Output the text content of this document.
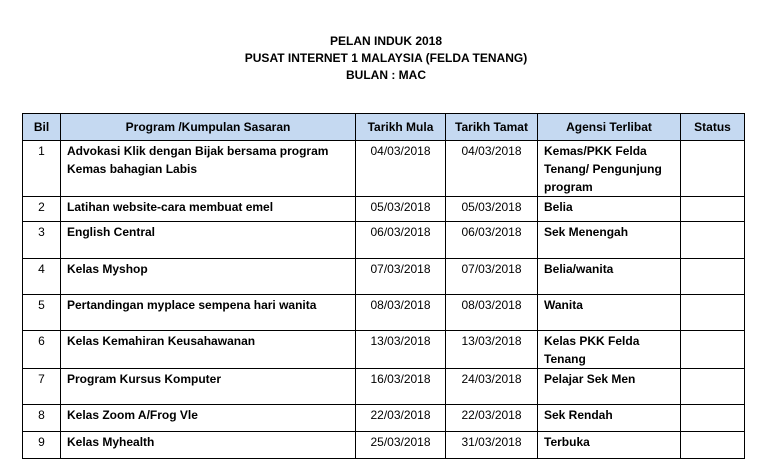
PELAN INDUK 2018
PUSAT INTERNET 1 MALAYSIA (FELDA TENANG)
BULAN : MAC
Bil	Program /Kumpulan Sasaran	Tarikh Mula	Tarikh Tamat	Agensi Terlibat	Status
1	Advokasi Klik dengan Bijak bersama program Kemas bahagian Labis	04/03/2018	04/03/2018	Kemas/PKK Felda Tenang/ Pengunjung program	
2	Latihan website-cara membuat emel	05/03/2018	05/03/2018	Belia	
3	English Central	06/03/2018	06/03/2018	Sek Menengah	
4	Kelas Myshop	07/03/2018	07/03/2018	Belia/wanita	
5	Pertandingan myplace sempena hari wanita	08/03/2018	08/03/2018	Wanita	
6	Kelas Kemahiran Keusahawanan	13/03/2018	13/03/2018	Kelas PKK Felda Tenang	
7	Program Kursus Komputer	16/03/2018	24/03/2018	Pelajar Sek Men	
8	Kelas Zoom A/Frog Vle	22/03/2018	22/03/2018	Sek Rendah	
9	Kelas Myhealth	25/03/2018	31/03/2018	Terbuka	
